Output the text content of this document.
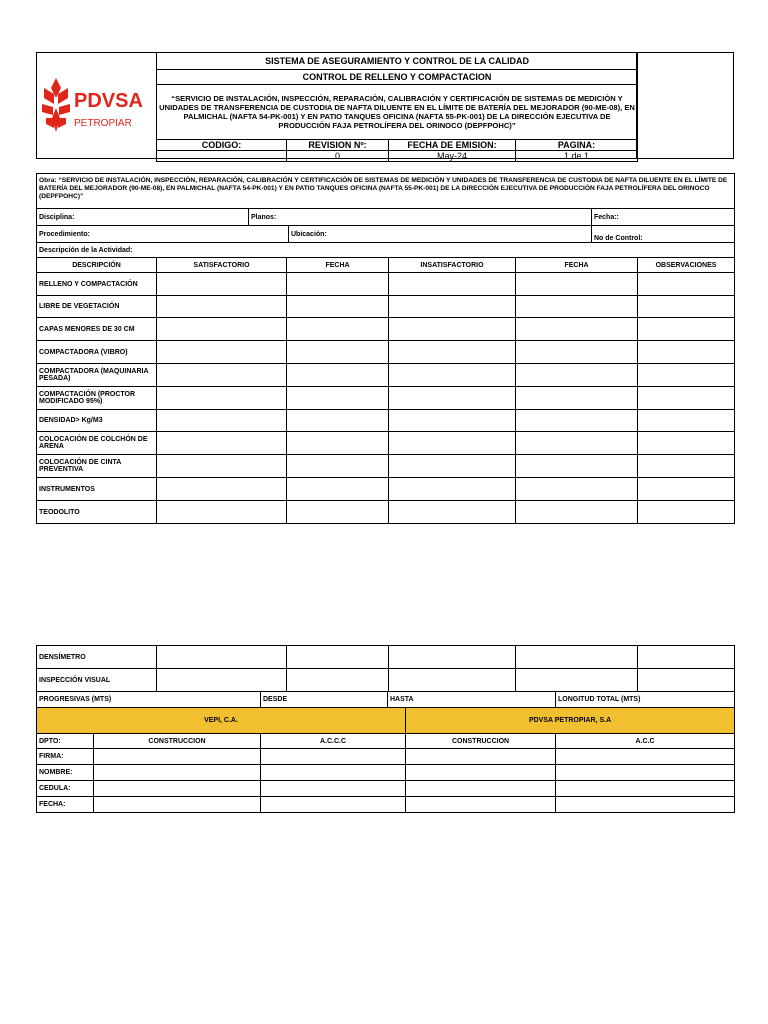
PDVSA
PETROPIAR
SISTEMA DE ASEGURAMIENTO Y CONTROL DE LA CALIDAD			
CONTROL DE RELLENO Y COMPACTACION			
“SERVICIO DE INSTALACIÓN, INSPECCIÓN, REPARACIÓN, CALIBRACIÓN Y CERTIFICACIÓN DE SISTEMAS DE MEDICIÓN Y UNIDADES DE TRANSFERENCIA DE CUSTODIA DE NAFTA DILUENTE EN EL LÍMITE DE BATERÍA DEL MEJORADOR (90-ME-08), EN PALMICHAL (NAFTA 54-PK-001) Y EN PATIO TANQUES OFICINA (NAFTA 55-PK-001) DE LA DIRECCIÓN EJECUTIVA DE PRODUCCIÓN FAJA PETROLÍFERA DEL ORINOCO (DEPFPOHC)”			
CODIGO:	REVISION Nº:	FECHA DE EMISION:	PAGINA:
	0	May-24	1 de 1
Obra: “SERVICIO DE INSTALACIÓN, INSPECCIÓN, REPARACIÓN, CALIBRACIÓN Y CERTIFICACIÓN DE SISTEMAS DE MEDICIÓN Y UNIDADES DE TRANSFERENCIA DE CUSTODIA DE NAFTA DILUENTE EN EL LÍMITE DE BATERÍA DEL MEJORADOR (90-ME-08), EN PALMICHAL (NAFTA 54-PK-001) Y EN PATIO TANQUES OFICINA (NAFTA 55-PK-001) DE LA DIRECCIÓN EJECUTIVA DE PRODUCCIÓN FAJA PETROLÍFERA DEL ORINOCO (DEPFPOHC)”			
Disciplina:	Planos:		Fecha::
Procedimiento:		Ubicación:	No de Control:
Descripción de la Actividad:			
DESCRIPCIÓN	SATISFACTORIO	FECHA	INSATISFACTORIO	FECHA	OBSERVACIONES
RELLENO Y COMPACTACIÓN					
LIBRE DE VEGETACIÓN					
CAPAS MENORES DE 30 CM					
COMPACTADORA (VIBRO)					
COMPACTADORA (MAQUINARIA PESADA)					
COMPACTACIÓN (PROCTOR MODIFICADO 95%)					
DENSIDAD> Kg/M3					
COLOCACIÓN DE COLCHÓN DE ARENA					
COLOCACIÓN DE CINTA PREVENTIVA					
INSTRUMENTOS					
TEODOLITO					
DENSÍMETRO					
INSPECCIÓN VISUAL					
PROGRESIVAS (MTS)	DESDE	HASTA	LONGITUD TOTAL (MTS)
VEPI, C.A.			PDVSA PETROPIAR, S.A	
DPTO:	CONSTRUCCION	A.C.C.C	CONSTRUCCION	A.C.C
FIRMA:				
NOMBRE:				
CEDULA:				
FECHA:				
